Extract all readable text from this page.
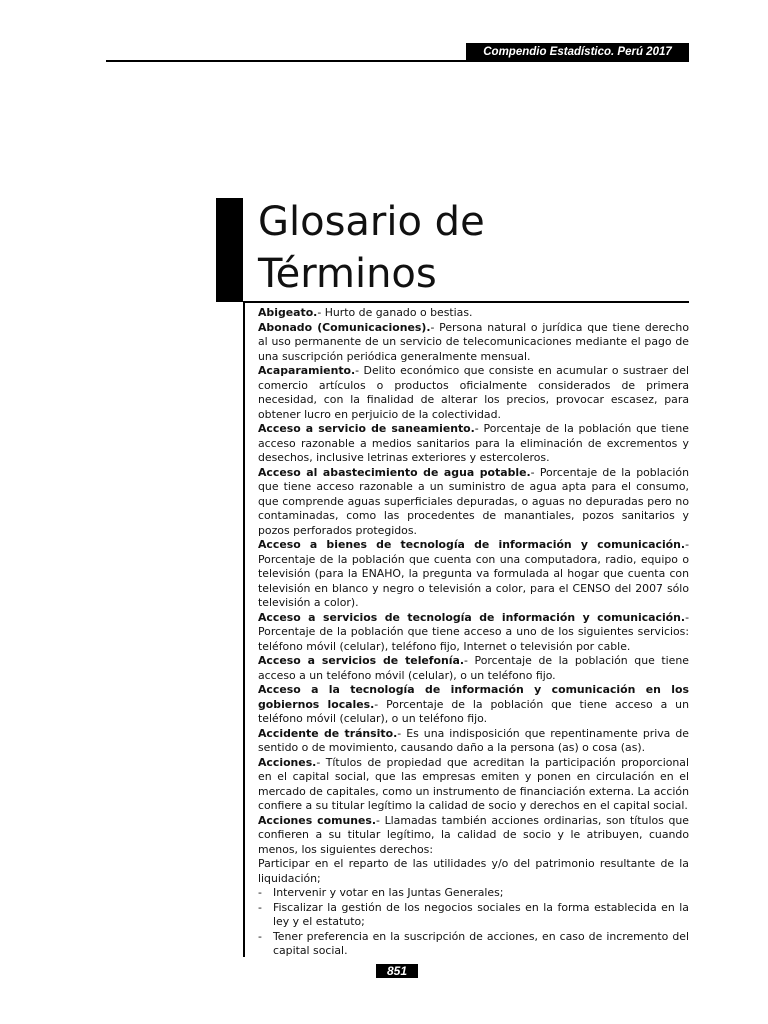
Compendio Estadístico. Perú 2017
Glosario de
Términos

Abigeato.- Hurto de ganado o bestias.

Abonado (Comunicaciones).- Persona natural o jurídica que tiene derecho al uso permanente de un servicio de telecomunicaciones mediante el pago de una suscripción periódica generalmente mensual.

Acaparamiento.- Delito económico que consiste en acumular o sustraer del comercio artículos o productos oficialmente considerados de primera necesidad, con la finalidad de alterar los precios, provocar escasez, para obtener lucro en perjuicio de la colectividad.

Acceso a servicio de saneamiento.- Porcentaje de la población que tiene acceso razonable a medios sanitarios para la eliminación de excrementos y desechos, inclusive letrinas exteriores y estercoleros.

Acceso al abastecimiento de agua potable.- Porcentaje de la población que tiene acceso razonable a un suministro de agua apta para el consumo, que comprende aguas superficiales depuradas, o aguas no depuradas pero no contaminadas, como las procedentes de manantiales, pozos sanitarios y pozos perforados protegidos.

Acceso a bienes de tecnología de información y comunicación.- Porcentaje de la población que cuenta con una computadora, radio, equipo o televisión (para la ENAHO, la pregunta va formulada al hogar que cuenta con televisión en blanco y negro o televisión a color, para el CENSO del 2007 sólo televisión a color).

Acceso a servicios de tecnología de información y comunicación.- Porcentaje de la población que tiene acceso a uno de los siguientes servicios: teléfono móvil (celular), teléfono fijo, Internet o televisión por cable.

Acceso a servicios de telefonía.- Porcentaje de la población que tiene acceso a un teléfono móvil (celular), o un teléfono fijo.

Acceso a la tecnología de información y comunicación en los gobiernos locales.- Porcentaje de la población que tiene acceso a un teléfono móvil (celular), o un teléfono fijo.

Accidente de tránsito.- Es una indisposición que repentinamente priva de sentido o de movimiento, causando daño a la persona (as) o cosa (as).

Acciones.- Títulos de propiedad que acreditan la participación proporcional en el capital social, que las empresas emiten y ponen en circulación en el mercado de capitales, como un instrumento de financiación externa. La acción confiere a su titular legítimo la calidad de socio y derechos en el capital social.

Acciones comunes.- Llamadas también acciones ordinarias, son títulos que confieren a su titular legítimo, la calidad de socio y le atribuyen, cuando menos, los siguientes derechos:

Participar en el reparto de las utilidades y/o del patrimonio resultante de la liquidación;

-	Intervenir y votar en las Juntas Generales;
-	Fiscalizar la gestión de los negocios sociales en la forma establecida en la ley y el estatuto;
-	Tener preferencia en la suscripción de acciones, en caso de incremento del capital social.
851
